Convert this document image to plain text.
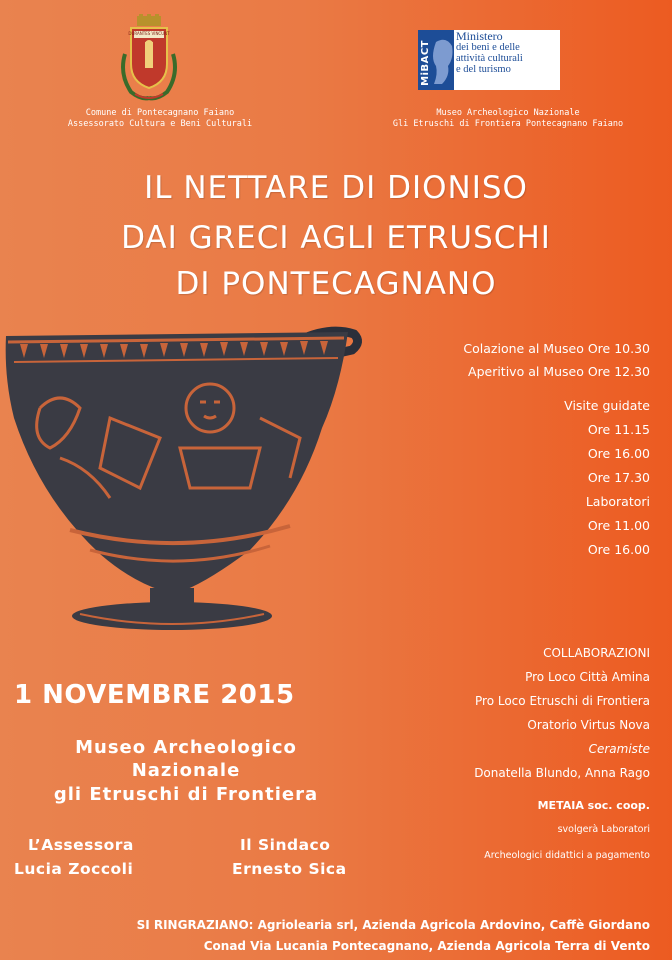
DURANTES VINCUNT
Comune di Pontecagnano Faiano
Assessorato Cultura e Beni Culturali
MiBACT
Ministero
dei beni e delle
attività culturali
e del turismo
Museo Archeologico Nazionale
Gli Etruschi di Frontiera Pontecagnano Faiano
IL NETTARE DI DIONISO
DAI GRECI AGLI ETRUSCHI
DI PONTECAGNANO
Colazione al Museo Ore 10.30
Aperitivo al Museo Ore 12.30
Visite guidate
Ore 11.15
Ore 16.00
Ore 17.30
Laboratori
Ore 11.00
Ore 16.00
1 NOVEMBRE 2015
Museo Archeologico
Nazionale
gli Etruschi di Frontiera
L’Assessora
Lucia Zoccoli
Il Sindaco
Ernesto Sica
COLLABORAZIONI
Pro Loco Città Amina
Pro Loco Etruschi di Frontiera
Oratorio Virtus Nova
Ceramiste
Donatella Blundo, Anna Rago
METAIA soc. coop.
svolgerà Laboratori
Archeologici didattici a pagamento
SI RINGRAZIANO: Agriolearia srl, Azienda Agricola Ardovino, Caffè Giordano
Conad Via Lucania Pontecagnano, Azienda Agricola Terra di Vento
